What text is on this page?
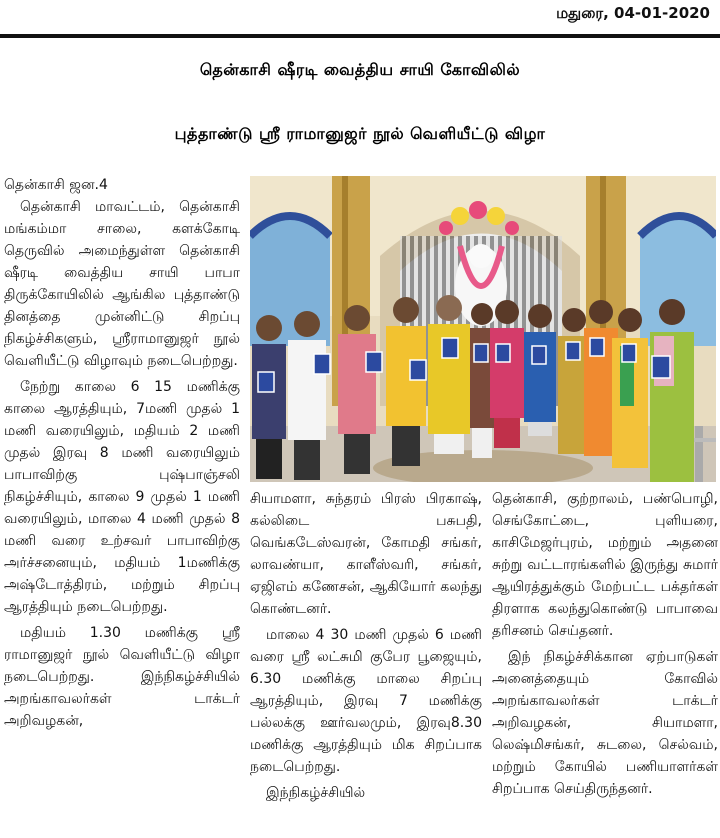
மதுரை, 04-01-2020
தென்காசி ஷீரடி வைத்திய சாயி கோவிலில்
புத்தாண்டு ஸ்ரீ ராமானுஜர் நூல் வெளியீட்டு விழா

தென்காசி ஜன.4

தென்காசி மாவட்டம், தென்காசி மங்கம்மா சாலை, களக்கோடி தெருவில் அமைந்துள்ள தென்காசி ஷீரடி வைத்திய சாயி பாபா திருக்கோயிலில் ஆங்கில புத்தாண்டு தினத்தை முன்னிட்டு சிறப்பு நிகழ்ச்சிகளும், ஸ்ரீராமானுஜர் நூல் வெளியீட்டு விழாவும் நடைபெற்றது.

நேற்று காலை 6 15 மணிக்கு காலை ஆரத்தியும், 7மணி முதல் 1 மணி வரையிலும், மதியம் 2 மணி முதல் இரவு 8 மணி வரையிலும் பாபாவிற்கு புஷ்பாஞ்சலி நிகழ்ச்சியும், காலை 9 முதல் 1 மணி வரையிலும், மாலை 4 மணி முதல் 8 மணி வரை உற்சவர் பாபாவிற்கு அர்ச்சனையும், மதியம் 1மணிக்கு அஷ்டோத்திரம், மற்றும் சிறப்பு ஆரத்தியும் நடைபெற்றது.

மதியம் 1.30 மணிக்கு ஸ்ரீ ராமானுஜர் நூல் வெளியீட்டு விழா நடைபெற்றது. இந்நிகழ்ச்சியில் அறங்காவலர்கள் டாக்டர் அறிவழகன்,

சியாமளா, சுந்தரம் பிரஸ் பிரகாஷ், கல்லிடை பசுபதி, வெங்கடேஸ்வரன், கோமதி சங்கர், லாவண்யா, காளீஸ்வரி, சங்கர், ஏஜிஎம் கணேசன், ஆகியோர் கலந்து கொண்டனர்.

மாலை 4 30 மணி முதல் 6 மணி வரை ஸ்ரீ லட்சுமி குபேர பூஜையும், 6.30 மணிக்கு மாலை சிறப்பு ஆரத்தியும், இரவு 7 மணிக்கு பல்லக்கு ஊர்வலமும், இரவு8.30 மணிக்கு ஆரத்தியும் மிக சிறப்பாக நடைபெற்றது.

இந்நிகழ்ச்சியில்

தென்காசி, குற்றாலம், பண்பொழி, செங்கோட்டை, புளியரை, காசிமேஜர்புரம், மற்றும் அதனை சுற்று வட்டாரங்களில் இருந்து சுமார் ஆயிரத்துக்கும் மேற்பட்ட பக்தர்கள் திரளாக கலந்துகொண்டு பாபாவை தரிசனம் செய்தனர்.

இந் நிகழ்ச்சிக்கான ஏற்பாடுகள் அனைத்தையும் கோவில் அறங்காவலர்கள் டாக்டர் அறிவழகன், சியாமளா, லெஷ்மிசங்கர், சுடலை, செல்வம், மற்றும் கோயில் பணியாளர்கள் சிறப்பாக செய்திருந்தனர்.
